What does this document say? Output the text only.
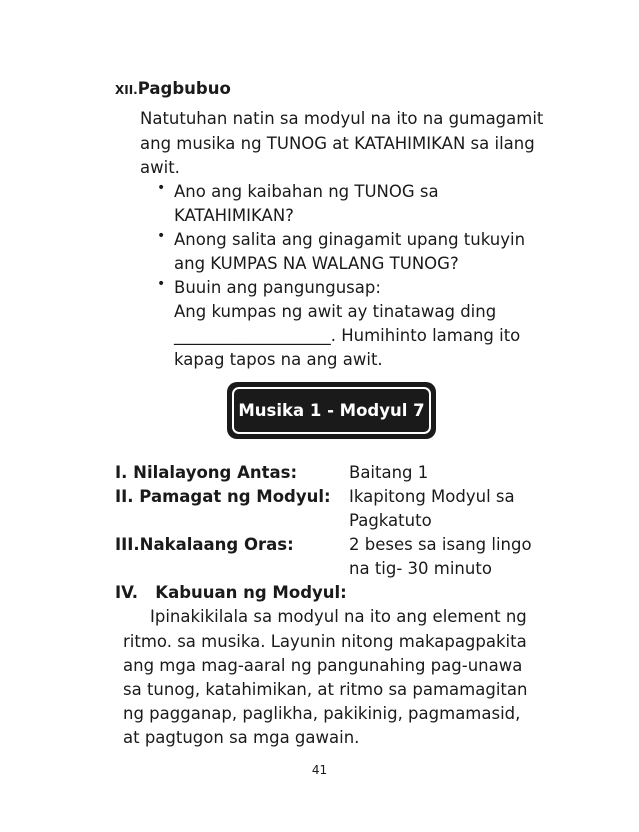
XII.Pagbubuo
Natutuhan natin sa modyul na ito na gumagamit
ang musika ng TUNOG at KATAHIMIKAN sa ilang
awit.
• Ano ang kaibahan ng TUNOG sa
KATAHIMIKAN?
• Anong salita ang ginagamit upang tukuyin
ang KUMPAS NA WALANG TUNOG?
• Buuin ang pangungusap:
Ang kumpas ng awit ay tinatawag ding
___________________. Humihinto lamang ito
kapag tapos na ang awit.
Musika 1 - Modyul 7
I. Nilalayong Antas:	Baitang 1
II. Pamagat ng Modyul: Ikapitong Modyul sa
Pagkatuto
III.Nakalaang Oras:	2 beses sa isang lingo
na tig- 30 minuto
IV.   Kabuuan ng Modyul:
Ipinakikilala sa modyul na ito ang element ng
ritmo. sa musika. Layunin nitong makapagpakita
ang mga mag-aaral ng pangunahing pag-unawa
sa tunog, katahimikan, at ritmo sa pamamagitan
ng pagganap, paglikha, pakikinig, pagmamasid,
at pagtugon sa mga gawain.
41
